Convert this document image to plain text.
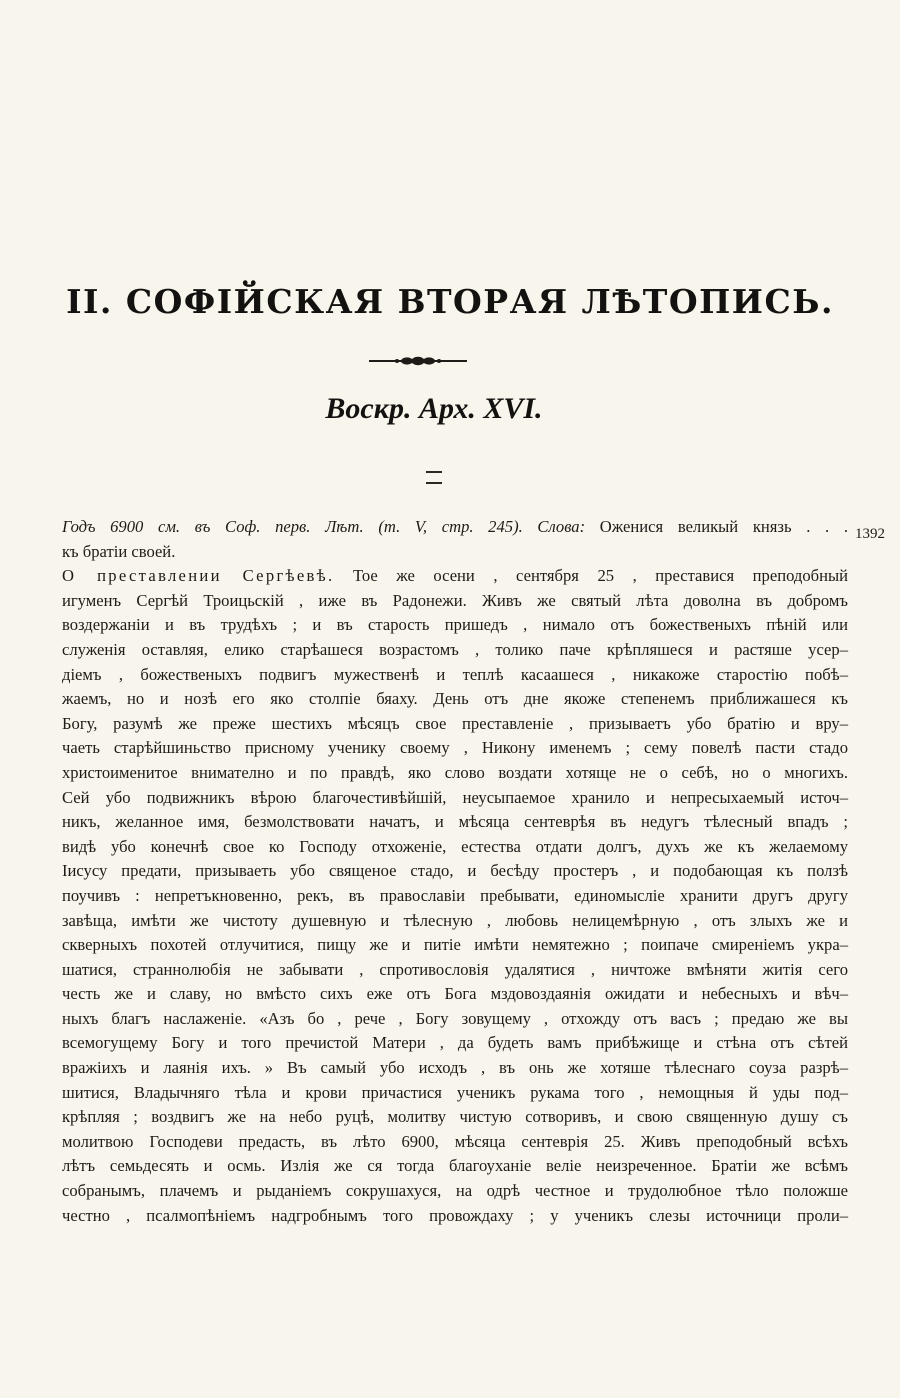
II. СОФІЙСКАЯ ВТОРАЯ ЛѢТОПИСЬ.
Воскр. Арх. XVI.
1392
Годъ 6900 см. въ Соф. перв. Лѣт. (т. V, стр. 245). Слова: Оженися великый князь . . .
къ братіи своей.
О преставлении Сергѣевѣ. Тое же осени , сентября 25 , преставися преподобный
игуменъ Сергѣй Троицьскій , иже въ Радонежи. Живъ же святый лѣта доволна въ добромъ
воздержаніи и въ трудѣхъ ; и въ старость пришедъ , нимало отъ божественыхъ пѣній или
служенія оставляя, елико старѣашеся возрастомъ , толико паче крѣпляшеся и растяше усер–
діемъ , божественыхъ подвигъ мужественѣ и теплѣ касаашеся , никакоже старостію побѣ–
жаемъ, но и нозѣ его яко столпіе бяаху. День отъ дне якоже степенемъ приближашеся къ
Богу, разумѣ же преже шестихъ мѣсяцъ свое преставленіе , призываетъ убо братію и вру–
чаеть старѣйшиньство присному ученику своему , Никону именемъ ; сему повелѣ пасти стадо
христоименитое внимателно и по правдѣ, яко слово воздати хотяще не о себѣ, но о многихъ.
Сей убо подвижникъ вѣрою благочестивѣйшій, неусыпаемое хранило и непресыхаемый источ–
никъ, желанное имя, безмолствовати начатъ, и мѣсяца сентеврѣя въ недугъ тѣлесный впадъ ;
видѣ убо конечнѣ свое ко Господу отхоженіе, естества отдати долгъ, духъ же къ желаемому
Іисусу предати, призываеть убо священое стадо, и бесѣду простеръ , и подобающая къ ползѣ
поучивъ : непретъкновенно, рекъ, въ православіи пребывати, единомысліе хранити другъ другу
завѣща, имѣти же чистоту душевную и тѣлесную , любовь нелицемѣрную , отъ злыхъ же и
скверныхъ похотей отлучитися, пищу же и питіе имѣти немятежно ; поипаче смиреніемъ укра–
шатися, страннолюбія не забывати , спротивословія удалятися , ничтоже вмѣняти житія сего
честь же и славу, но вмѣсто сихъ еже отъ Бога мздовоздаянія ожидати и небесныхъ и вѣч–
ныхъ благъ наслаженіе. «Азъ бо , рече , Богу зовущему , отхожду отъ васъ ; предаю же вы
всемогущему Богу и того пречистой Матери , да будеть вамъ прибѣжище и стѣна отъ сѣтей
вражіихъ и лаянія ихъ. » Въ самый убо исходъ , въ онь же хотяше тѣлеснаго соуза разрѣ–
шитися, Владычняго тѣла и крови причастися ученикъ рукама того , немощныя й уды под–
крѣпляя ; воздвигъ же на небо руцѣ, молитву чистую сотворивъ, и свою священную душу съ
молитвою Господеви предасть, въ лѣто 6900, мѣсяца сентеврія 25. Живъ преподобный всѣхъ
лѣтъ семьдесять и осмь. Излія же ся тогда благоуханіе веліе неизреченное. Братіи же всѣмъ
собранымъ, плачемъ и рыданіемъ сокрушахуся, на одрѣ честное и трудолюбное тѣло положше
честно , псалмопѣніемъ надгробнымъ того провождаху ; у ученикъ слезы источници проли–
